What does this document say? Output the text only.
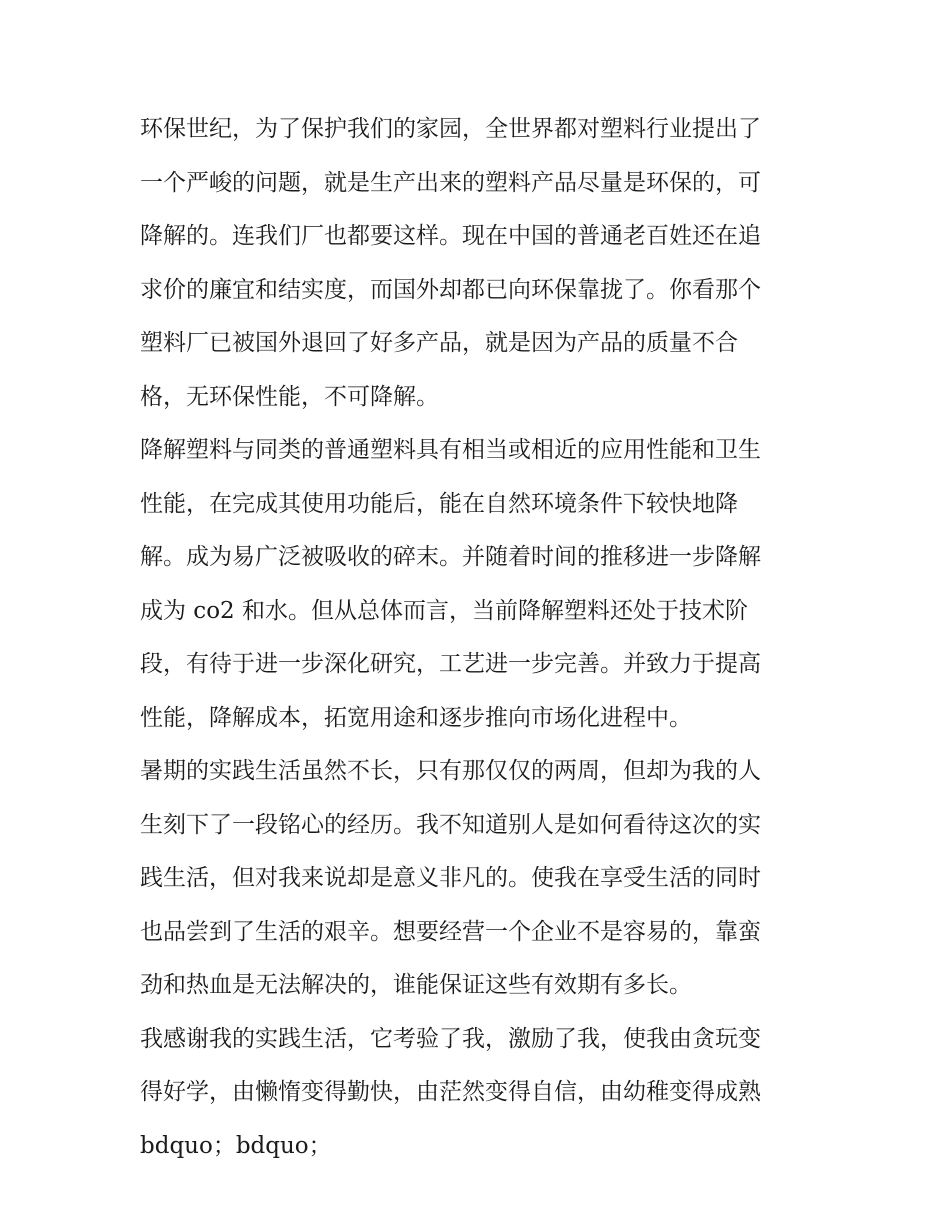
环保世纪，为了保护我们的家园，全世界都对塑料行业提出了
一个严峻的问题，就是生产出来的塑料产品尽量是环保的，可
降解的。连我们厂也都要这样。现在中国的普通老百姓还在追
求价的廉宜和结实度，而国外却都已向环保靠拢了。你看那个
塑料厂已被国外退回了好多产品，就是因为产品的质量不合
格，无环保性能，不可降解。

降解塑料与同类的普通塑料具有相当或相近的应用性能和卫生
性能，在完成其使用功能后，能在自然环境条件下较快地降
解。成为易广泛被吸收的碎末。并随着时间的推移进一步降解
成为 co2 和水。但从总体而言，当前降解塑料还处于技术阶
段，有待于进一步深化研究，工艺进一步完善。并致力于提高
性能，降解成本，拓宽用途和逐步推向市场化进程中。

暑期的实践生活虽然不长，只有那仅仅的两周，但却为我的人
生刻下了一段铭心的经历。我不知道别人是如何看待这次的实
践生活，但对我来说却是意义非凡的。使我在享受生活的同时
也品尝到了生活的艰辛。想要经营一个企业不是容易的，靠蛮
劲和热血是无法解决的，谁能保证这些有效期有多长。

我感谢我的实践生活，它考验了我，激励了我，使我由贪玩变
得好学，由懒惰变得勤快，由茫然变得自信，由幼稚变得成熟
bdquo；bdquo；
